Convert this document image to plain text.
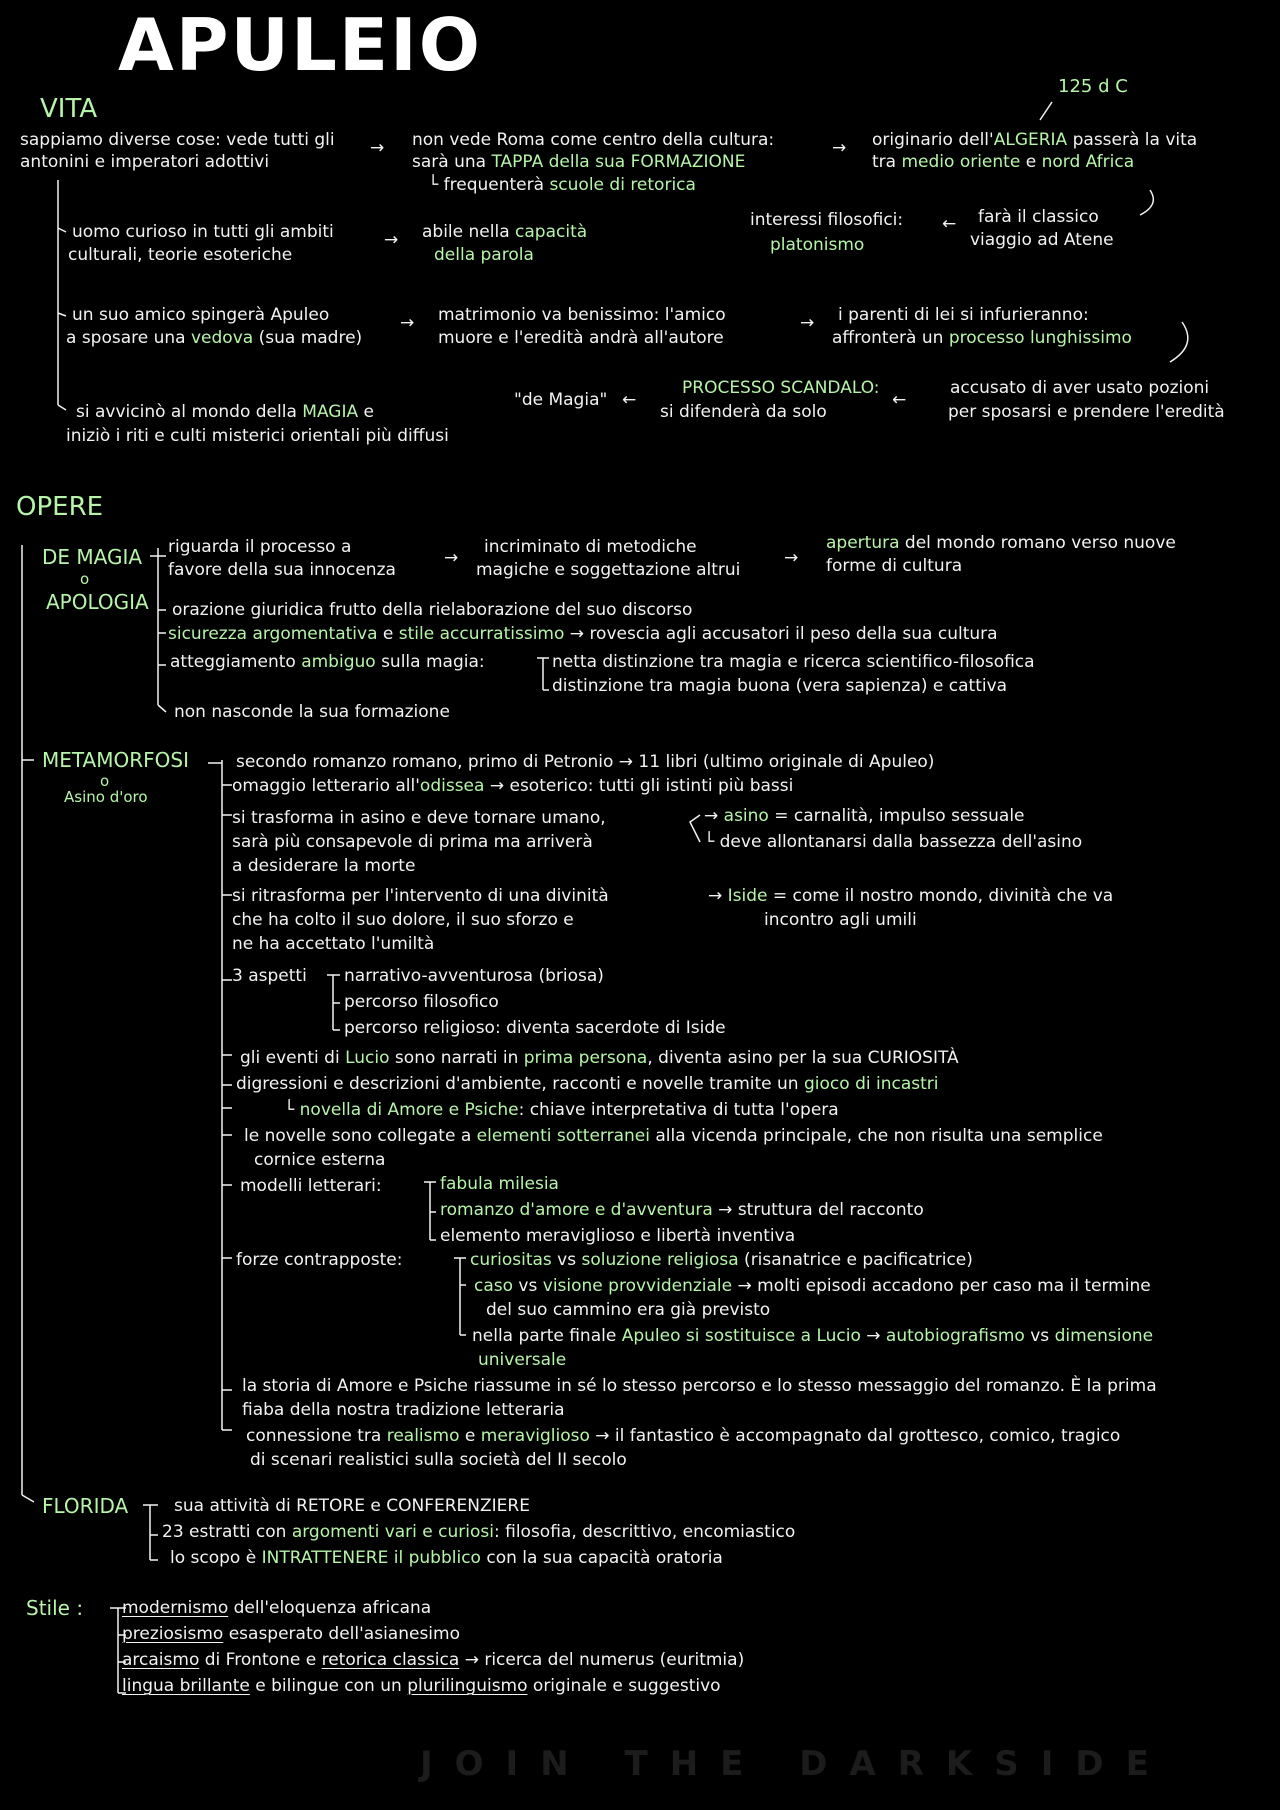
APULEIO
VITA
125 d C
sappiamo diverse cose: vede tutti gli
antonini e imperatori adottivi
→ non vede Roma come centro della cultura:
sarà una TAPPA della sua FORMAZIONE
└ frequenterà scuole di retorica
→ originario dell'ALGERIA passerà la vita
tra medio oriente e nord Africa
uomo curioso in tutti gli ambiti
culturali, teorie esoteriche
→ abile nella capacità
della parola
interessi filosofici:
platonismo
← farà il classico
viaggio ad Atene
un suo amico spingerà Apuleo
a sposare una vedova (sua madre)
→ matrimonio va benissimo: l'amico
muore e l'eredità andrà all'autore
→ i parenti di lei si infurieranno:
affronterà un processo lunghissimo
si avvicinò al mondo della MAGIA e
iniziò i riti e culti misterici orientali più diffusi
"de Magia" ←
PROCESSO SCANDALO:
si difenderà da solo
←
accusato di aver usato pozioni
per sposarsi e prendere l'eredità
OPERE
DE MAGIA
o
APOLOGIA
riguarda il processo a
favore della sua innocenza
→
incriminato di metodiche
magiche e soggettazione altrui
→
apertura del mondo romano verso nuove
forme di cultura
orazione giuridica frutto della rielaborazione del suo discorso
sicurezza argomentativa e stile accurratissimo → rovescia agli accusatori il peso della sua cultura
atteggiamento ambiguo sulla magia:	netta distinzione tra magia e ricerca scientifico-filosofica
distinzione tra magia buona (vera sapienza) e cattiva
non nasconde la sua formazione
METAMORFOSI
o
Asino d'oro
secondo romanzo romano, primo di Petronio → 11 libri (ultimo originale di Apuleo)
omaggio letterario all'odissea → esoterico: tutti gli istinti più bassi
si trasforma in asino e deve tornare umano,
sarà più consapevole di prima ma arriverà
a desiderare la morte
→ asino = carnalità, impulso sessuale
└ deve allontanarsi dalla bassezza dell'asino
si ritrasforma per l'intervento di una divinità
che ha colto il suo dolore, il suo sforzo e
ne ha accettato l'umiltà
→ Iside = come il nostro mondo, divinità che va
incontro agli umili
3 aspetti narrativo-avventurosa (briosa)
percorso filosofico
percorso religioso: diventa sacerdote di Iside
gli eventi di Lucio sono narrati in prima persona, diventa asino per la sua CURIOSITÀ
digressioni e descrizioni d'ambiente, racconti e novelle tramite un gioco di incastri
└ novella di Amore e Psiche: chiave interpretativa di tutta l'opera
le novelle sono collegate a elementi sotterranei alla vicenda principale, che non risulta una semplice
cornice esterna
modelli letterari:	fabula milesia
romanzo d'amore e d'avventura → struttura del racconto
elemento meraviglioso e libertà inventiva
forze contrapposte:	curiositas vs soluzione religiosa (risanatrice e pacificatrice)
caso vs visione provvidenziale → molti episodi accadono per caso ma il termine
del suo cammino era già previsto
nella parte finale Apuleo si sostituisce a Lucio → autobiografismo vs dimensione
universale
la storia di Amore e Psiche riassume in sé lo stesso percorso e lo stesso messaggio del romanzo. È la prima
fiaba della nostra tradizione letteraria
connessione tra realismo e meraviglioso → il fantastico è accompagnato dal grottesco, comico, tragico
di scenari realistici sulla società del II secolo
FLORIDA	sua attività di RETORE e CONFERENZIERE
23 estratti con argomenti vari e curiosi: filosofia, descrittivo, encomiastico
lo scopo è INTRATTENERE il pubblico con la sua capacità oratoria
Stile : modernismo dell'eloquenza africana
preziosismo esasperato dell'asianesimo
arcaismo di Frontone e retorica classica → ricerca del numerus (euritmia)
lingua brillante e bilingue con un plurilinguismo originale e suggestivo
JOIN THE DARKSIDE
